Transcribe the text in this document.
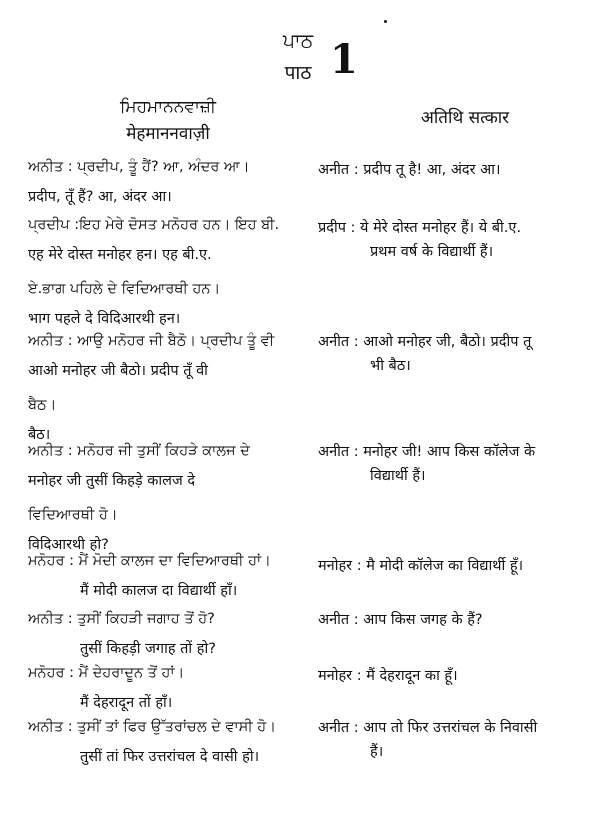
ਪਾਠ
पाठ 1
ਮਿਹਮਾਨਨਵਾਜ਼ੀ
मेहमाननवाज़ी
अतिथि सत्कार
ਅਨੀਤ : ਪ੍ਰਦੀਪ, ਤੂੰ ਹੈਂ? ਆ, ਅੰਦਰ ਆ।
प्रदीप, तूँ हैं? आ, अंदर आ।
अनीत : प्रदीप तू है! आ, अंदर आ।
ਪ੍ਰਦੀਪ :ਇਹ ਮੇਰੇ ਦੋਸਤ ਮਨੋਹਰ ਹਨ। ਇਹ ਬੀ.
एह मेरे दोस्त मनोहर हन। एह बी.ए.
ਏ.ਭਾਗ ਪਹਿਲੇ ਦੇ ਵਿਦਿਆਰਥੀ ਹਨ।
भाग पहले दे विदिआरथी हन।
प्रदीप : ये मेरे दोस्त मनोहर हैं। ये बी.ए.
प्रथम वर्ष के विद्यार्थी हैं।
ਅਨੀਤ : ਆਉ ਮਨੋਹਰ ਜੀ ਬੈਠੋ। ਪ੍ਰਦੀਪ ਤੂੰ ਵੀ
आओ मनोहर जी बैठो। प्रदीप तूँ वी
ਬੈਠ।
बैठ।
अनीत : आओ मनोहर जी, बैठो। प्रदीप तू
भी बैठ।
ਅਨੀਤ : ਮਨੋਹਰ ਜੀ ਤੁਸੀਂ ਕਿਹੜੇ ਕਾਲਜ ਦੇ
मनोहर जी तुसीं किहड़े कालज दे
ਵਿਦਿਆਰਥੀ ਹੋ।
विदिआरथी हो?
अनीत : मनोहर जी! आप किस कॉलेज के
विद्यार्थी हैं।
ਮਨੋਹਰ : ਮੈਂ ਮੋਦੀ ਕਾਲਜ ਦਾ ਵਿਦਿਆਰਥੀ ਹਾਂ।
मैं मोदी कालज दा विद्यार्थी हाँ।
मनोहर : मै मोदी कॉलेज का विद्यार्थी हूँ।
ਅਨੀਤ : ਤੁਸੀਂ ਕਿਹੜੀ ਜਗਾਹ ਤੋਂ ਹੋ?
तुसीं किहड़ी जगाह तों हो?
अनीत : आप किस जगह के हैं?
ਮਨੋਹਰ : ਮੈਂ ਦੇਹਰਾਦੂਨ ਤੋਂ ਹਾਂ।
मैं देहरादून तों हाँ।
मनोहर : मैं देहरादून का हूँ।
ਅਨੀਤ : ਤੁਸੀਂ ਤਾਂ ਫਿਰ ਉੱਤਰਾਂਚਲ ਦੇ ਵਾਸੀ ਹੋ।
तुसीं तां फिर उत्तरांचल दे वासी हो।
अनीत : आप तो फिर उत्तरांचल के निवासी
हैं।
